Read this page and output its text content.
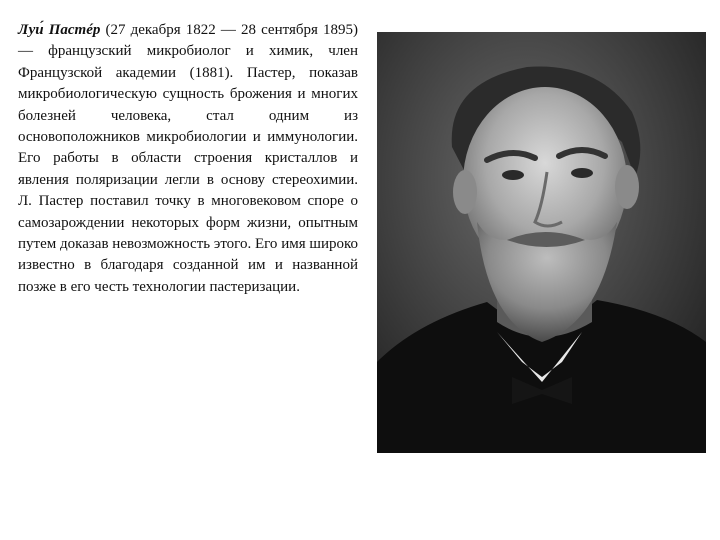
Луи́ Пастéр (27 декабря 1822 — 28 сентября 1895) — французский микробиолог и химик, член Французской академии (1881). Пастер, показав микробиологическую сущность брожения и многих болезней человека, стал одним из основоположников микробиологии и иммунологии. Его работы в области строения кристаллов и явления поляризации легли в основу стереохимии. Л. Пастер поставил точку в многовековом споре о самозарождении некоторых форм жизни, опытным путем доказав невозможность этого. Его имя широко известно в благодаря созданной им и названной позже в его честь технологии пастеризации.
